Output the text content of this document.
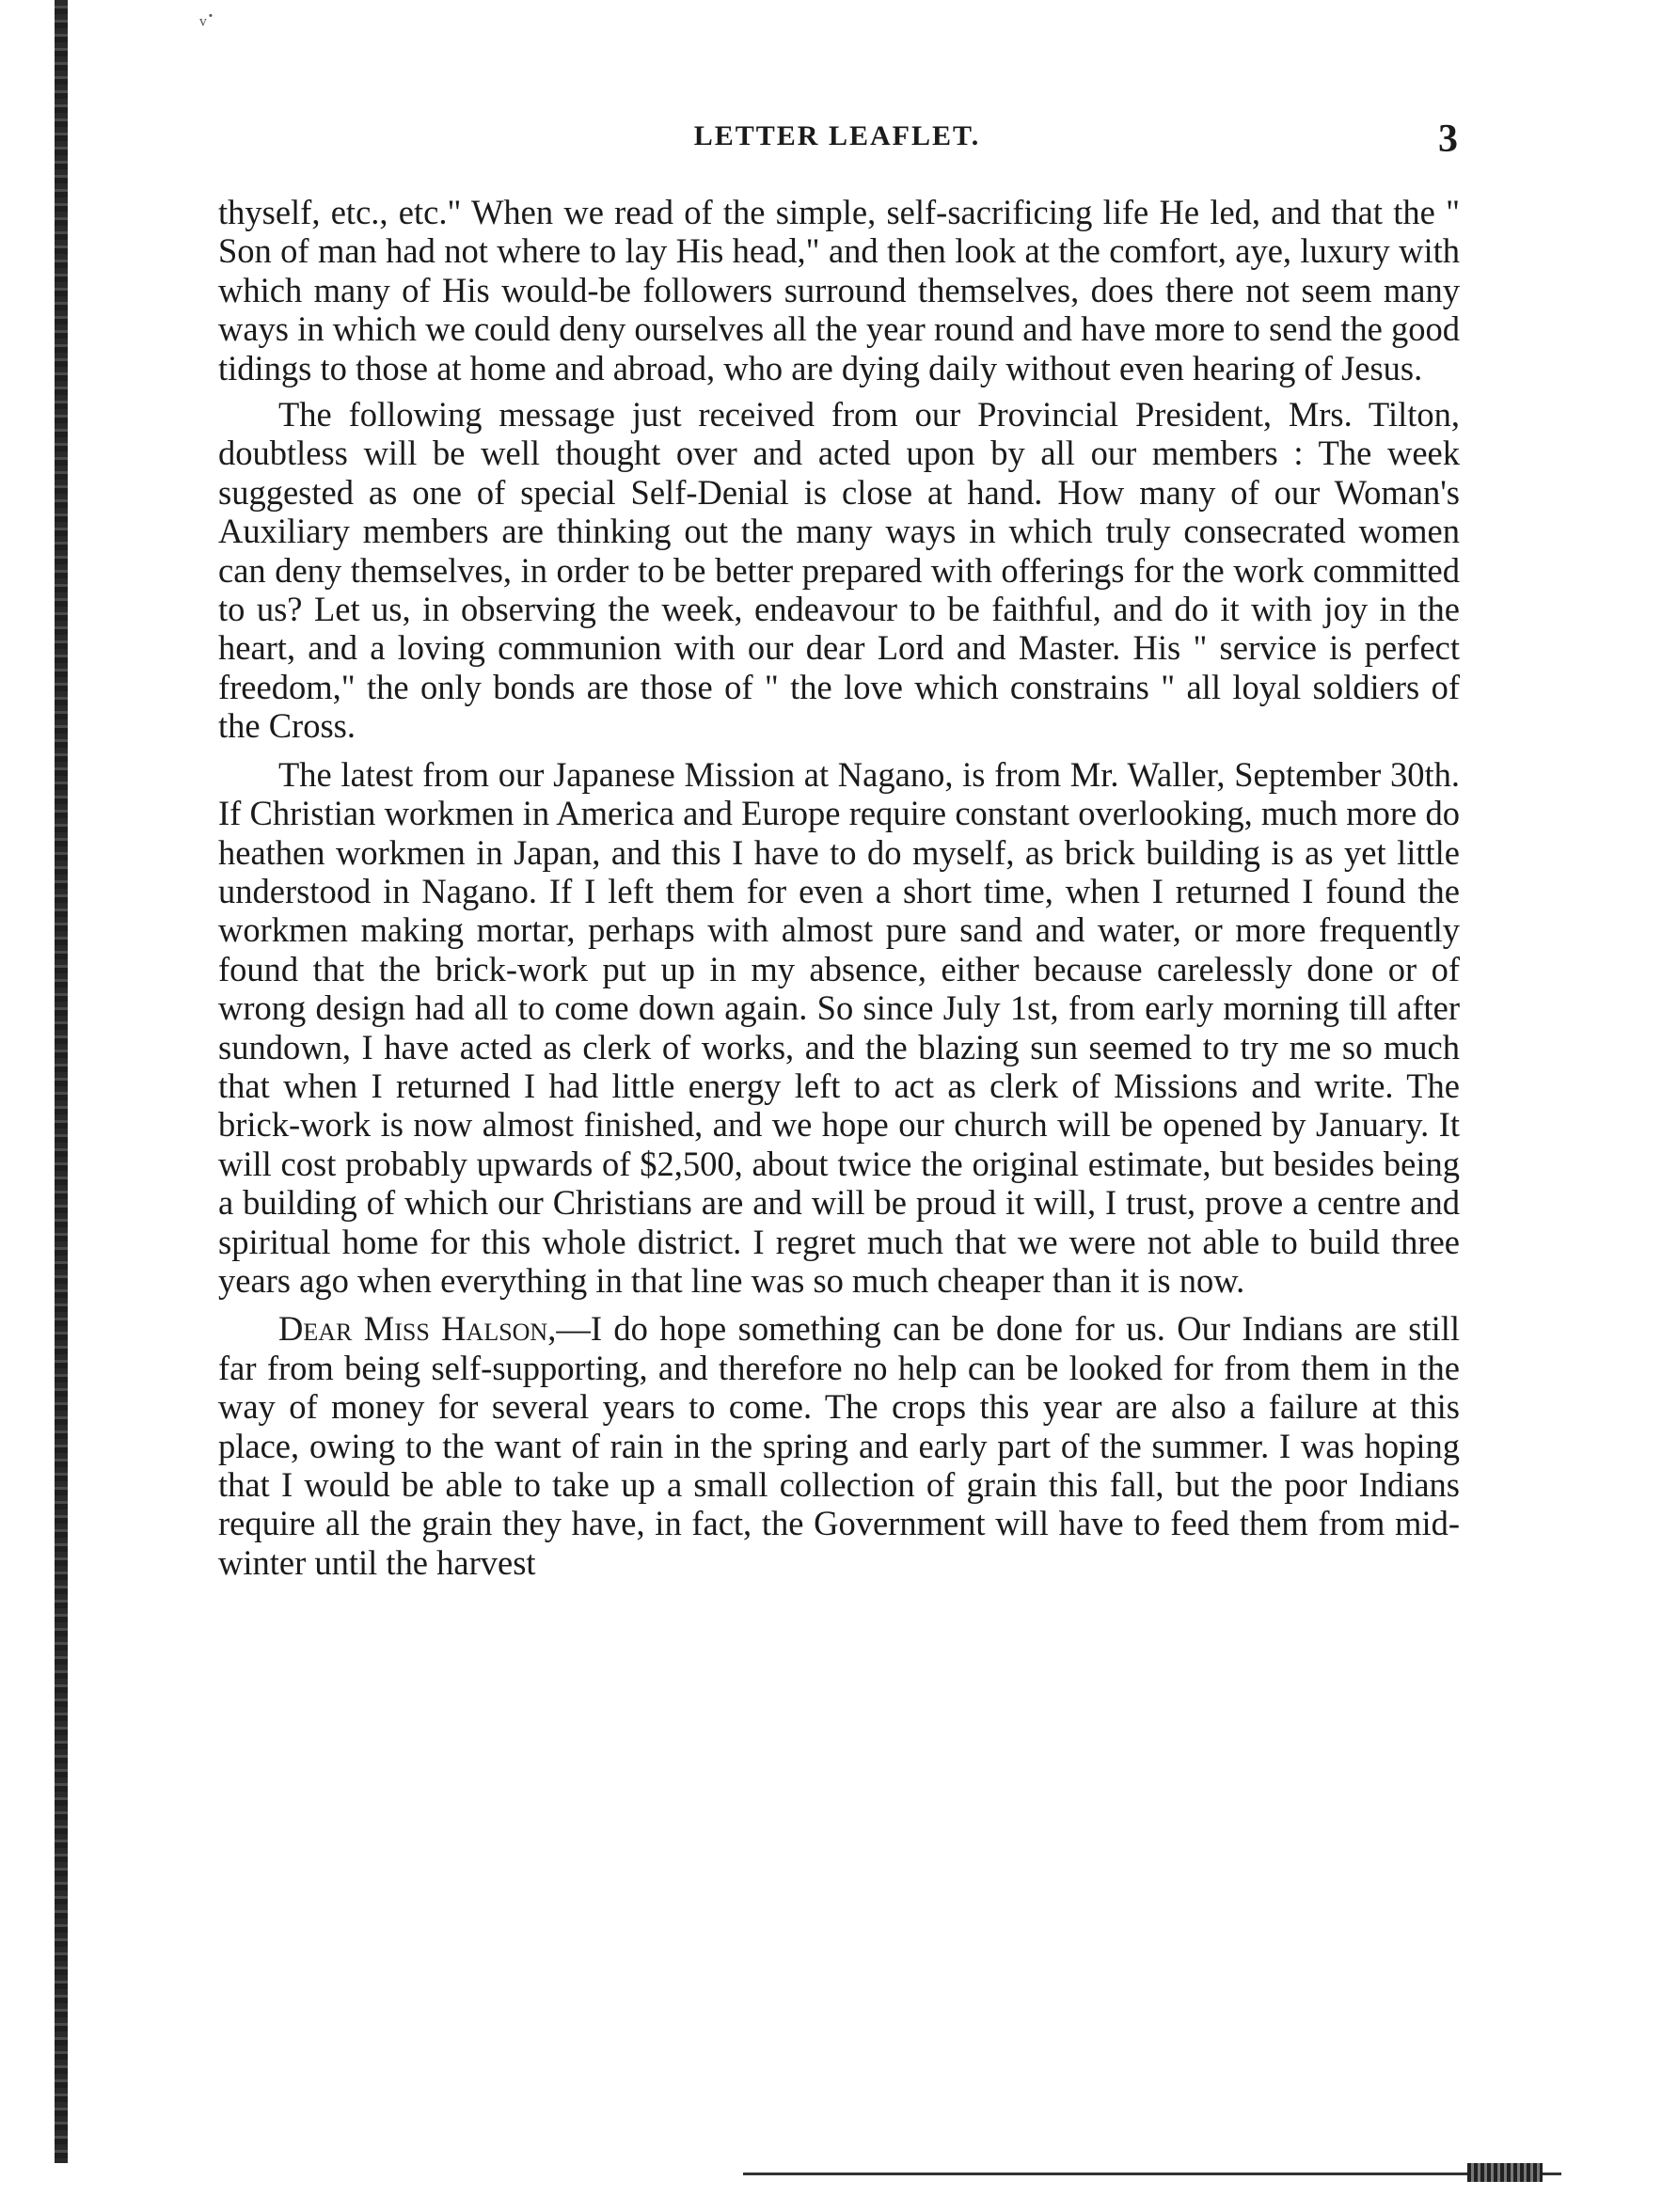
ᵥ·
LETTER LEAFLET.	3

thyself, etc., etc." When we read of the simple, self-sacrificing life He led, and that the " Son of man had not where to lay His head," and then look at the comfort, aye, luxury with which many of His would-be followers surround themselves, does there not seem many ways in which we could deny ourselves all the year round and have more to send the good tidings to those at home and abroad, who are dying daily without even hearing of Jesus.

The following message just received from our Provincial President, Mrs. Tilton, doubtless will be well thought over and acted upon by all our members : The week suggested as one of special Self-Denial is close at hand. How many of our Woman's Auxiliary members are thinking out the many ways in which truly consecrated women can deny themselves, in order to be better prepared with offerings for the work committed to us? Let us, in observing the week, endeavour to be faithful, and do it with joy in the heart, and a loving communion with our dear Lord and Master. His " service is perfect freedom," the only bonds are those of " the love which constrains " all loyal soldiers of the Cross.

The latest from our Japanese Mission at Nagano, is from Mr. Waller, September 30th. If Christian workmen in America and Europe require constant overlooking, much more do heathen workmen in Japan, and this I have to do myself, as brick building is as yet little understood in Nagano. If I left them for even a short time, when I returned I found the workmen making mortar, perhaps with almost pure sand and water, or more frequently found that the brick-work put up in my absence, either because carelessly done or of wrong design had all to come down again. So since July 1st, from early morning till after sundown, I have acted as clerk of works, and the blazing sun seemed to try me so much that when I returned I had little energy left to act as clerk of Missions and write. The brick-work is now almost finished, and we hope our church will be opened by January. It will cost probably upwards of $2,500, about twice the original estimate, but besides being a building of which our Christians are and will be proud it will, I trust, prove a centre and spiritual home for this whole district. I regret much that we were not able to build three years ago when everything in that line was so much cheaper than it is now.

Dear Miss Halson,—I do hope something can be done for us. Our Indians are still far from being self-supporting, and therefore no help can be looked for from them in the way of money for several years to come. The crops this year are also a failure at this place, owing to the want of rain in the spring and early part of the summer. I was hoping that I would be able to take up a small collection of grain this fall, but the poor Indians require all the grain they have, in fact, the Government will have to feed them from mid-winter until the harvest
